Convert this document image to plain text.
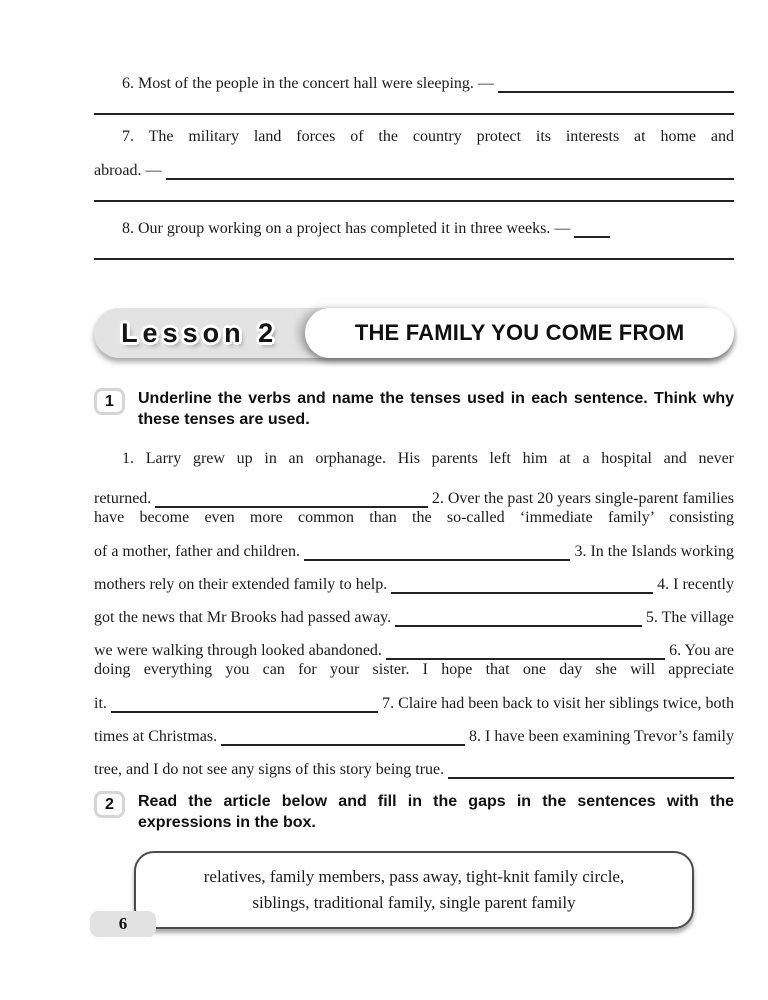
6. Most of the people in the concert hall were sleeping. —
7. The military land forces of the country protect its interests at home and
abroad. —
8. Our group working on a project has completed it in three weeks. —
Lesson 2	THE FAMILY YOU COME FROM
1	Underline the verbs and name the tenses used in each sentence. Think why these tenses are used.

1. Larry grew up in an orphanage. His parents left him at a hospital and never
returned.	2. Over the past 20 years single-parent families
have become even more common than the so-called ‘immediate family’ consisting
of a mother, father and children.	3. In the Islands working
mothers rely on their extended family to help.	4. I recently
got the news that Mr Brooks had passed away.	5. The village
we were walking through looked abandoned.	6. You are
doing everything you can for your sister. I hope that one day she will appreciate
it.	7. Claire had been back to visit her siblings twice, both
times at Christmas.	8. I have been examining Trevor’s family
tree, and I do not see any signs of this story being true.
2	Read the article below and fill in the gaps in the sentences with the expressions in the box.

relatives, family members, pass away, tight-knit family circle,
siblings, traditional family, single parent family
6
